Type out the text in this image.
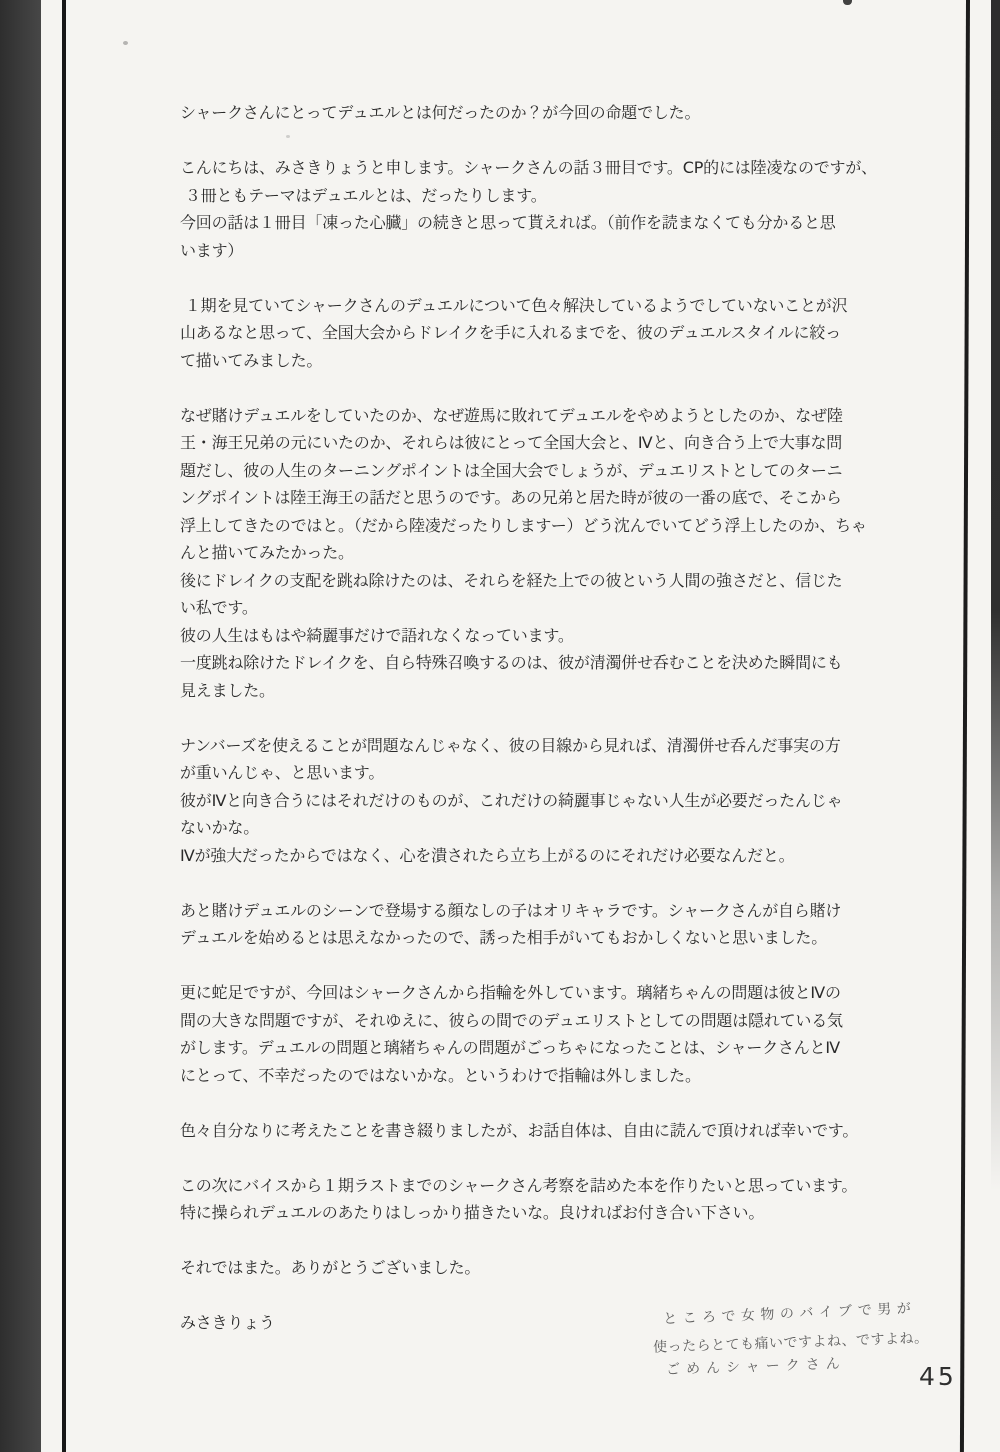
シャークさんにとってデュエルとは何だったのか？が今回の命題でした。
こんにちは、みさきりょうと申します。シャークさんの話３冊目です。CP的には陸凌なのですが、
３冊ともテーマはデュエルとは、だったりします。
今回の話は１冊目「凍った心臓」の続きと思って貰えれば。（前作を読まなくても分かると思
います）
１期を見ていてシャークさんのデュエルについて色々解決しているようでしていないことが沢
山あるなと思って、全国大会からドレイクを手に入れるまでを、彼のデュエルスタイルに絞っ
て描いてみました。
なぜ賭けデュエルをしていたのか、なぜ遊馬に敗れてデュエルをやめようとしたのか、なぜ陸
王・海王兄弟の元にいたのか、それらは彼にとって全国大会と、Ⅳと、向き合う上で大事な問
題だし、彼の人生のターニングポイントは全国大会でしょうが、デュエリストとしてのターニ
ングポイントは陸王海王の話だと思うのです。あの兄弟と居た時が彼の一番の底で、そこから
浮上してきたのではと。（だから陸凌だったりしますー）どう沈んでいてどう浮上したのか、ちゃ
んと描いてみたかった。
後にドレイクの支配を跳ね除けたのは、それらを経た上での彼という人間の強さだと、信じた
い私です。
彼の人生はもはや綺麗事だけで語れなくなっています。
一度跳ね除けたドレイクを、自ら特殊召喚するのは、彼が清濁併せ呑むことを決めた瞬間にも
見えました。
ナンバーズを使えることが問題なんじゃなく、彼の目線から見れば、清濁併せ呑んだ事実の方
が重いんじゃ、と思います。
彼がⅣと向き合うにはそれだけのものが、これだけの綺麗事じゃない人生が必要だったんじゃ
ないかな。
Ⅳが強大だったからではなく、心を潰されたら立ち上がるのにそれだけ必要なんだと。
あと賭けデュエルのシーンで登場する顔なしの子はオリキャラです。シャークさんが自ら賭け
デュエルを始めるとは思えなかったので、誘った相手がいてもおかしくないと思いました。
更に蛇足ですが、今回はシャークさんから指輪を外しています。璃緒ちゃんの問題は彼とⅣの
間の大きな問題ですが、それゆえに、彼らの間でのデュエリストとしての問題は隠れている気
がします。デュエルの問題と璃緒ちゃんの問題がごっちゃになったことは、シャークさんとⅣ
にとって、不幸だったのではないかな。というわけで指輪は外しました。
色々自分なりに考えたことを書き綴りましたが、お話自体は、自由に読んで頂ければ幸いです。
この次にバイスから１期ラストまでのシャークさん考察を詰めた本を作りたいと思っています。
特に操られデュエルのあたりはしっかり描きたいな。良ければお付き合い下さい。
それではまた。ありがとうございました。
みさきりょう	ところで女物のバイブで男が
使ったらとても痛いですよね、ですよね。
ごめんシャークさん	45
